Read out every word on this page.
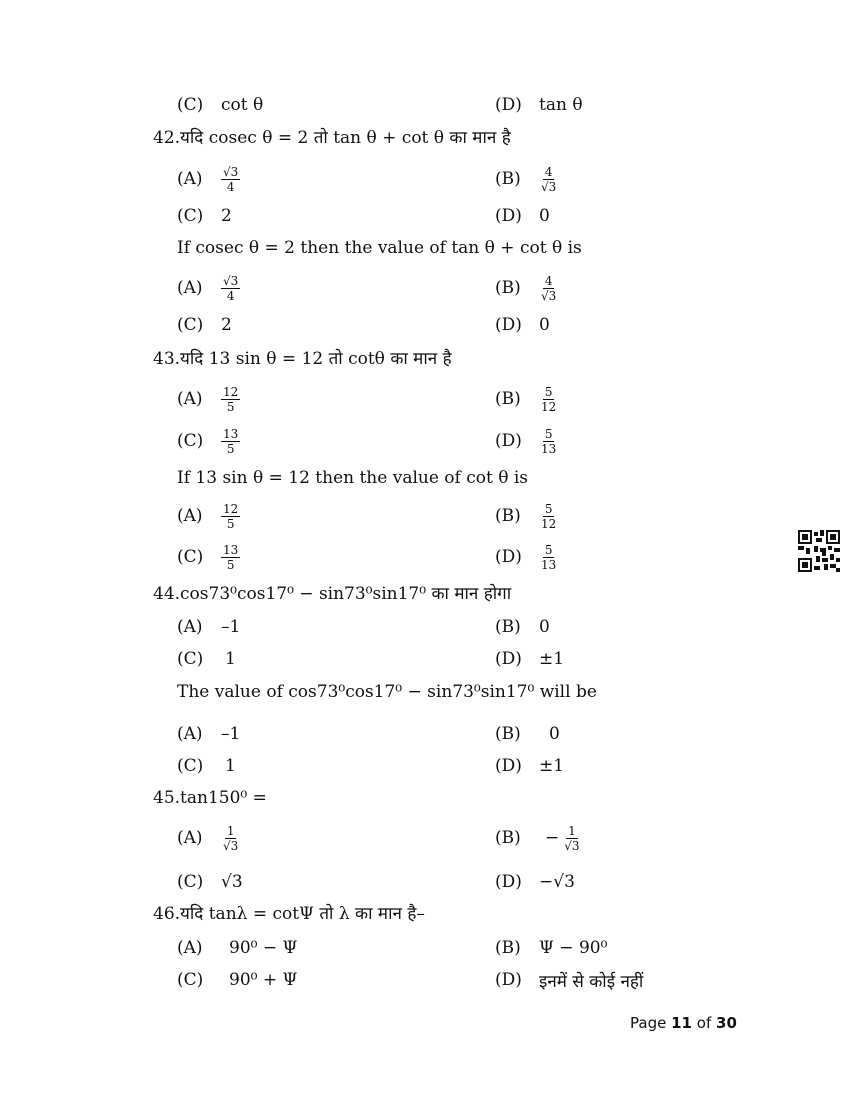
(C)	cot θ	(D)	tan θ
42.यदि cosec θ = 2 तो tan θ + cot θ का मान है
(A)	$\frac{√3}{4}$	(B)	$\frac{4}{√3}$
(C)	2	(D)	0
If cosec θ = 2 then the value of tan θ + cot θ is
(A)	$\frac{√3}{4}$	(B)	$\frac{4}{√3}$
(C)	2	(D)	0
43.यदि 13 sin θ = 12 तो cotθ का मान है
(A)	$\frac{12}{5}$	(B)	$\frac{5}{12}$
(C)	$\frac{13}{5}$	(D)	$\frac{5}{13}$
If 13 sin θ = 12 then the value of cot θ is
(A)	$\frac{12}{5}$	(B)	$\frac{5}{12}$
(C)	$\frac{13}{5}$	(D)	$\frac{5}{13}$
44.cos73⁰cos17⁰ − sin73⁰sin17⁰ का मान होगा
(A)	–1	(B)	0
(C)	1	(D)	±1
The value of cos73⁰cos17⁰ − sin73⁰sin17⁰ will be
(A)	–1	(B)	0
(C)	1	(D)	±1
45.tan150⁰ =
(A)	$\frac{1}{√3}$	(B)	− $\frac{1}{√3}$
(C)	√3	(D)	−√3
46.यदि tanλ = cotΨ तो λ का मान है–
(A)	90⁰ − Ψ	(B)	Ψ − 90⁰
(C)	90⁰ + Ψ	(D)	इनमें से कोई नहीं
Page 11 of 30
